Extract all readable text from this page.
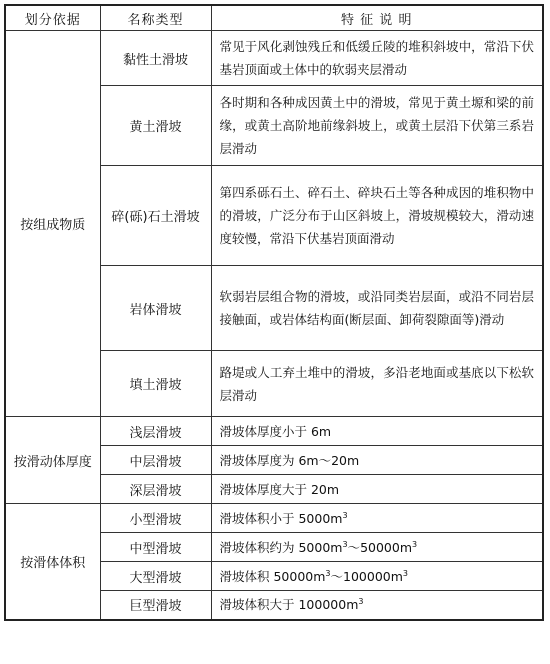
划分依据	名称类型	特 征 说 明
按组成物质	黏性土滑坡	常见于风化剥蚀残丘和低缓丘陵的堆积斜坡中，常沿下伏基岩顶面或土体中的软弱夹层滑动
	黄土滑坡	各时期和各种成因黄土中的滑坡，常见于黄土塬和梁的前缘，或黄土高阶地前缘斜坡上，或黄土层沿下伏第三系岩层滑动
	碎(砾)石土滑坡	第四系砾石土、碎石土、碎块石土等各种成因的堆积物中的滑坡，广泛分布于山区斜坡上，滑坡规模较大，滑动速度较慢，常沿下伏基岩顶面滑动
	岩体滑坡	软弱岩层组合物的滑坡，或沿同类岩层面，或沿不同岩层接触面，或岩体结构面(断层面、卸荷裂隙面等)滑动
	填土滑坡	路堤或人工弃土堆中的滑坡，多沿老地面或基底以下松软层滑动
按滑动体厚度	浅层滑坡	滑坡体厚度小于 6m
	中层滑坡	滑坡体厚度为 6m～20m
	深层滑坡	滑坡体厚度大于 20m
按滑体体积	小型滑坡	滑坡体积小于 $5000m^3$
	中型滑坡	滑坡体积约为 $5000m^3\sim 50000m^3$
	大型滑坡	滑坡体积 $50000m^3\sim 100000m^3$
	巨型滑坡	滑坡体积大于 $100000m^3$
